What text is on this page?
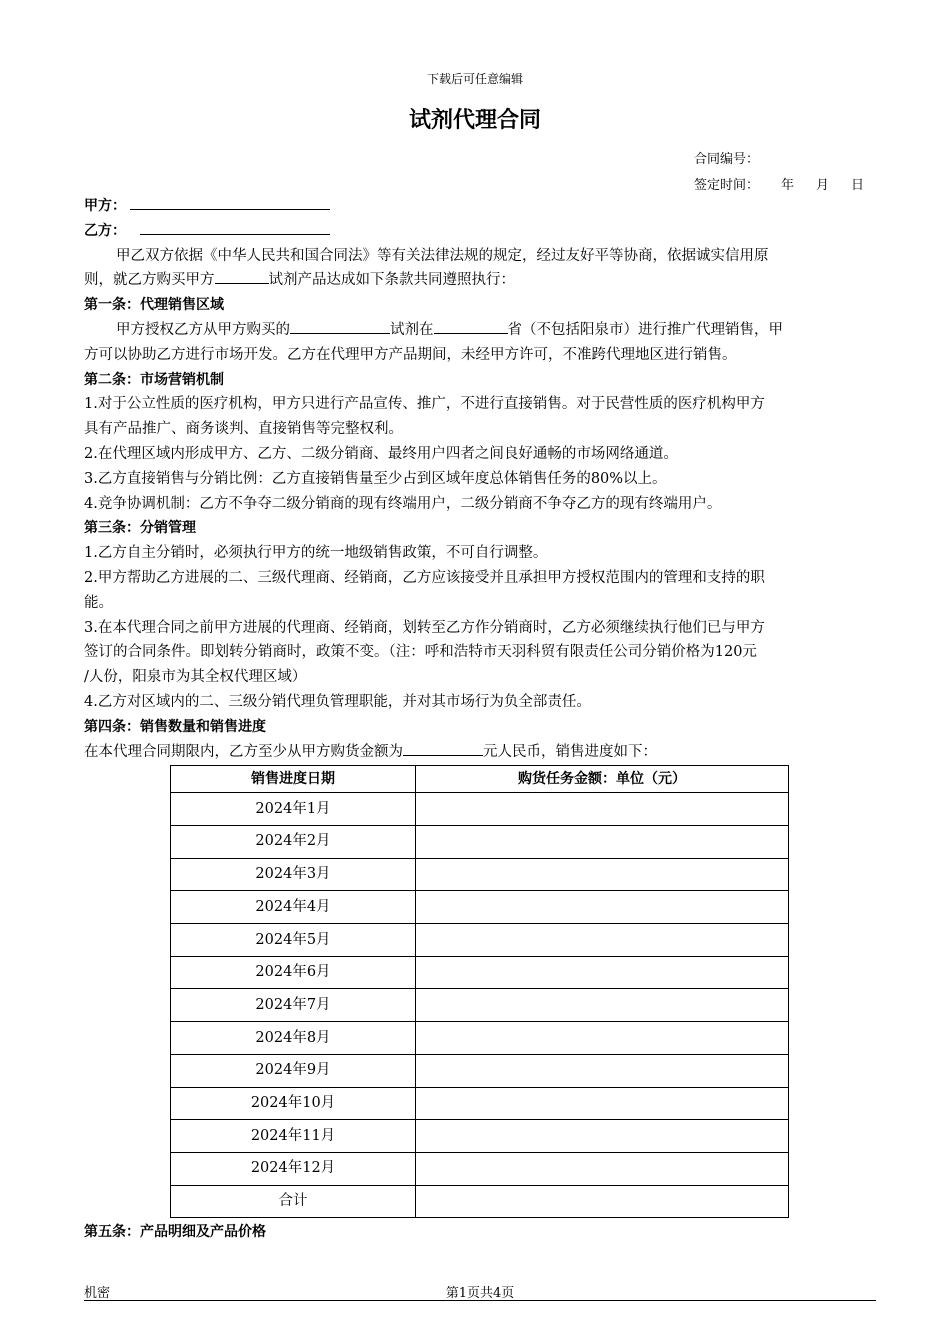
下载后可任意编辑
试剂代理合同
合同编号：
签定时间： 年 月 日
甲方：
乙方：
甲乙双方依据《中华人民共和国合同法》等有关法律法规的规定，经过友好平等协商，依据诚实信用原
则，就乙方购买甲方	试剂产品达成如下条款共同遵照执行：
第一条：代理销售区域
甲方授权乙方从甲方购买的	试剂在	省（不包括阳泉市）进行推广代理销售，甲
方可以协助乙方进行市场开发。乙方在代理甲方产品期间，未经甲方许可，不准跨代理地区进行销售。
第二条：市场营销机制
1.对于公立性质的医疗机构，甲方只进行产品宣传、推广，不进行直接销售。对于民营性质的医疗机构甲方
具有产品推广、商务谈判、直接销售等完整权利。
2.在代理区域内形成甲方、乙方、二级分销商、最终用户四者之间良好通畅的市场网络通道。
3.乙方直接销售与分销比例：乙方直接销售量至少占到区域年度总体销售任务的80%以上。
4.竞争协调机制：乙方不争夺二级分销商的现有终端用户，二级分销商不争夺乙方的现有终端用户。
第三条：分销管理
1.乙方自主分销时，必须执行甲方的统一地级销售政策，不可自行调整。
2.甲方帮助乙方进展的二、三级代理商、经销商，乙方应该接受并且承担甲方授权范围内的管理和支持的职
能。
3.在本代理合同之前甲方进展的代理商、经销商，划转至乙方作分销商时，乙方必须继续执行他们已与甲方
签订的合同条件。即划转分销商时，政策不变。（注：呼和浩特市天羽科贸有限责任公司分销价格为120元
/人份，阳泉市为其全权代理区域）
4.乙方对区域内的二、三级分销代理负管理职能，并对其市场行为负全部责任。
第四条：销售数量和销售进度
在本代理合同期限内，乙方至少从甲方购货金额为	元人民币，销售进度如下：
销售进度日期	购货任务金额：单位（元）
2024年1月	
2024年2月	
2024年3月	
2024年4月	
2024年5月	
2024年6月	
2024年7月	
2024年8月	
2024年9月	
2024年10月	
2024年11月	
2024年12月	
合计	
第五条：产品明细及产品价格
机密	第1页共4页
